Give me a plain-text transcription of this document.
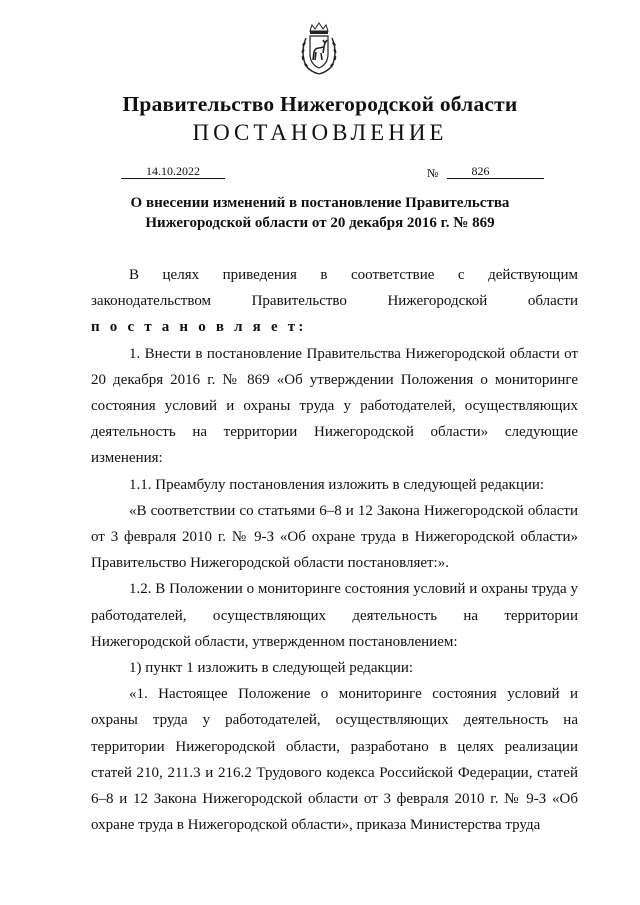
Правительство Нижегородской области
ПОСТАНОВЛЕНИЕ
14.10.2022	№	826
О внесении изменений в постановление Правительства
Нижегородской области от 20 декабря 2016 г. № 869

В целях приведения в соответствие с действующим

законодательством Правительство Нижегородской области

п о с т а н о в л я е т:

1. Внести в постановление Правительства Нижегородской области от 20 декабря 2016 г. № 869 «Об утверждении Положения о мониторинге состояния условий и охраны труда у работодателей, осуществляющих деятельность на территории Нижегородской области» следующие изменения:

1.1. Преамбулу постановления изложить в следующей редакции:

«В соответствии со статьями 6–8 и 12 Закона Нижегородской области от 3 февраля 2010 г. № 9-З «Об охране труда в Нижегородской области» Правительство Нижегородской области постановляет:».

1.2. В Положении о мониторинге состояния условий и охраны труда у работодателей, осуществляющих деятельность на территории Нижегородской области, утвержденном постановлением:

1) пункт 1 изложить в следующей редакции:

«1. Настоящее Положение о мониторинге состояния условий и охраны труда у работодателей, осуществляющих деятельность на территории Нижегородской области, разработано в целях реализации статей 210, 211.3 и 216.2 Трудового кодекса Российской Федерации, статей 6–8 и 12 Закона Нижегородской области от 3 февраля 2010 г. № 9-З «Об охране труда в Нижегородской области», приказа Министерства труда
